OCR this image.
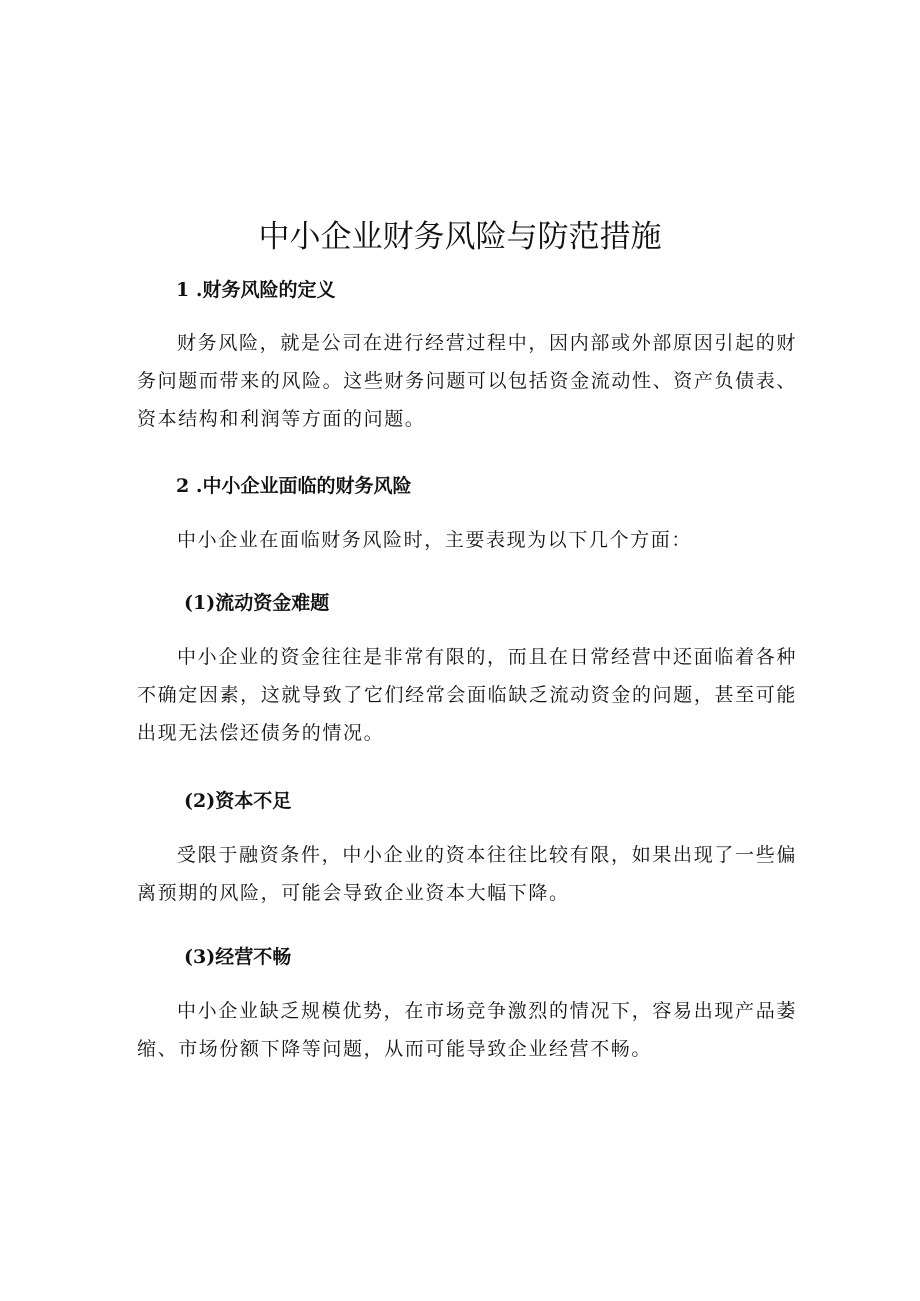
中小企业财务风险与防范措施
1 .财务风险的定义

财务风险，就是公司在进行经营过程中，因内部或外部原因引起的财务问题而带来的风险。这些财务问题可以包括资金流动性、资产负债表、资本结构和利润等方面的问题。

2 .中小企业面临的财务风险

中小企业在面临财务风险时，主要表现为以下几个方面：

(1)流动资金难题

中小企业的资金往往是非常有限的，而且在日常经营中还面临着各种不确定因素，这就导致了它们经常会面临缺乏流动资金的问题，甚至可能出现无法偿还债务的情况。

(2)资本不足

受限于融资条件，中小企业的资本往往比较有限，如果出现了一些偏离预期的风险，可能会导致企业资本大幅下降。

(3)经营不畅

中小企业缺乏规模优势，在市场竞争激烈的情况下，容易出现产品萎缩、市场份额下降等问题，从而可能导致企业经营不畅。
